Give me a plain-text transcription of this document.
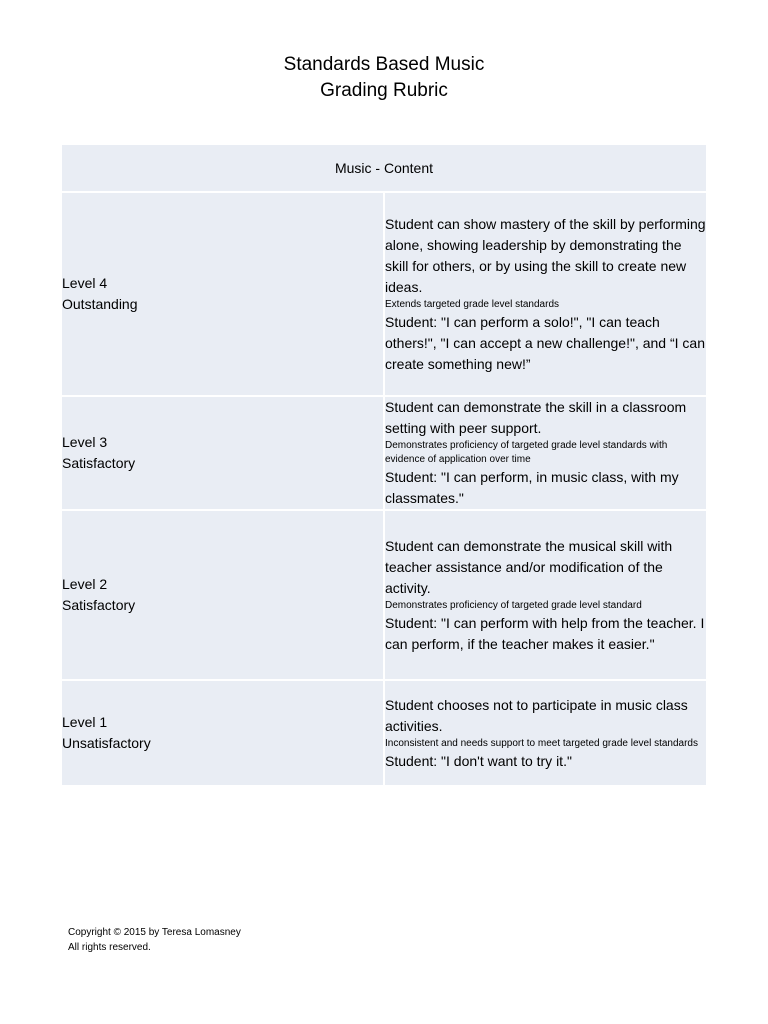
Standards Based Music
Grading Rubric
Music - Content	

Level 4
Outstanding	Student can show mastery of the skill by performing alone, showing leadership by demonstrating the skill for others, or by using the skill to create new ideas.
Extends targeted grade level standards
Student: "I can perform a solo!", "I can teach others!", "I can accept a new challenge!", and “I can create something new!”

Level 3
Satisfactory	Student can demonstrate the skill in a classroom setting with peer support.
Demonstrates proficiency of targeted grade level standards with evidence of application over time
Student: "I can perform, in music class, with my classmates."

Level 2
Satisfactory	Student can demonstrate the musical skill with teacher assistance and/or modification of the activity.
Demonstrates proficiency of targeted grade level standard
Student: "I can perform with help from the teacher. I can perform, if the teacher makes it easier."

Level 1
Unsatisfactory	Student chooses not to participate in music class activities.
Inconsistent and needs support to meet targeted grade level standards
Student: "I don't want to try it."
Copyright © 2015 by Teresa Lomasney
All rights reserved.
